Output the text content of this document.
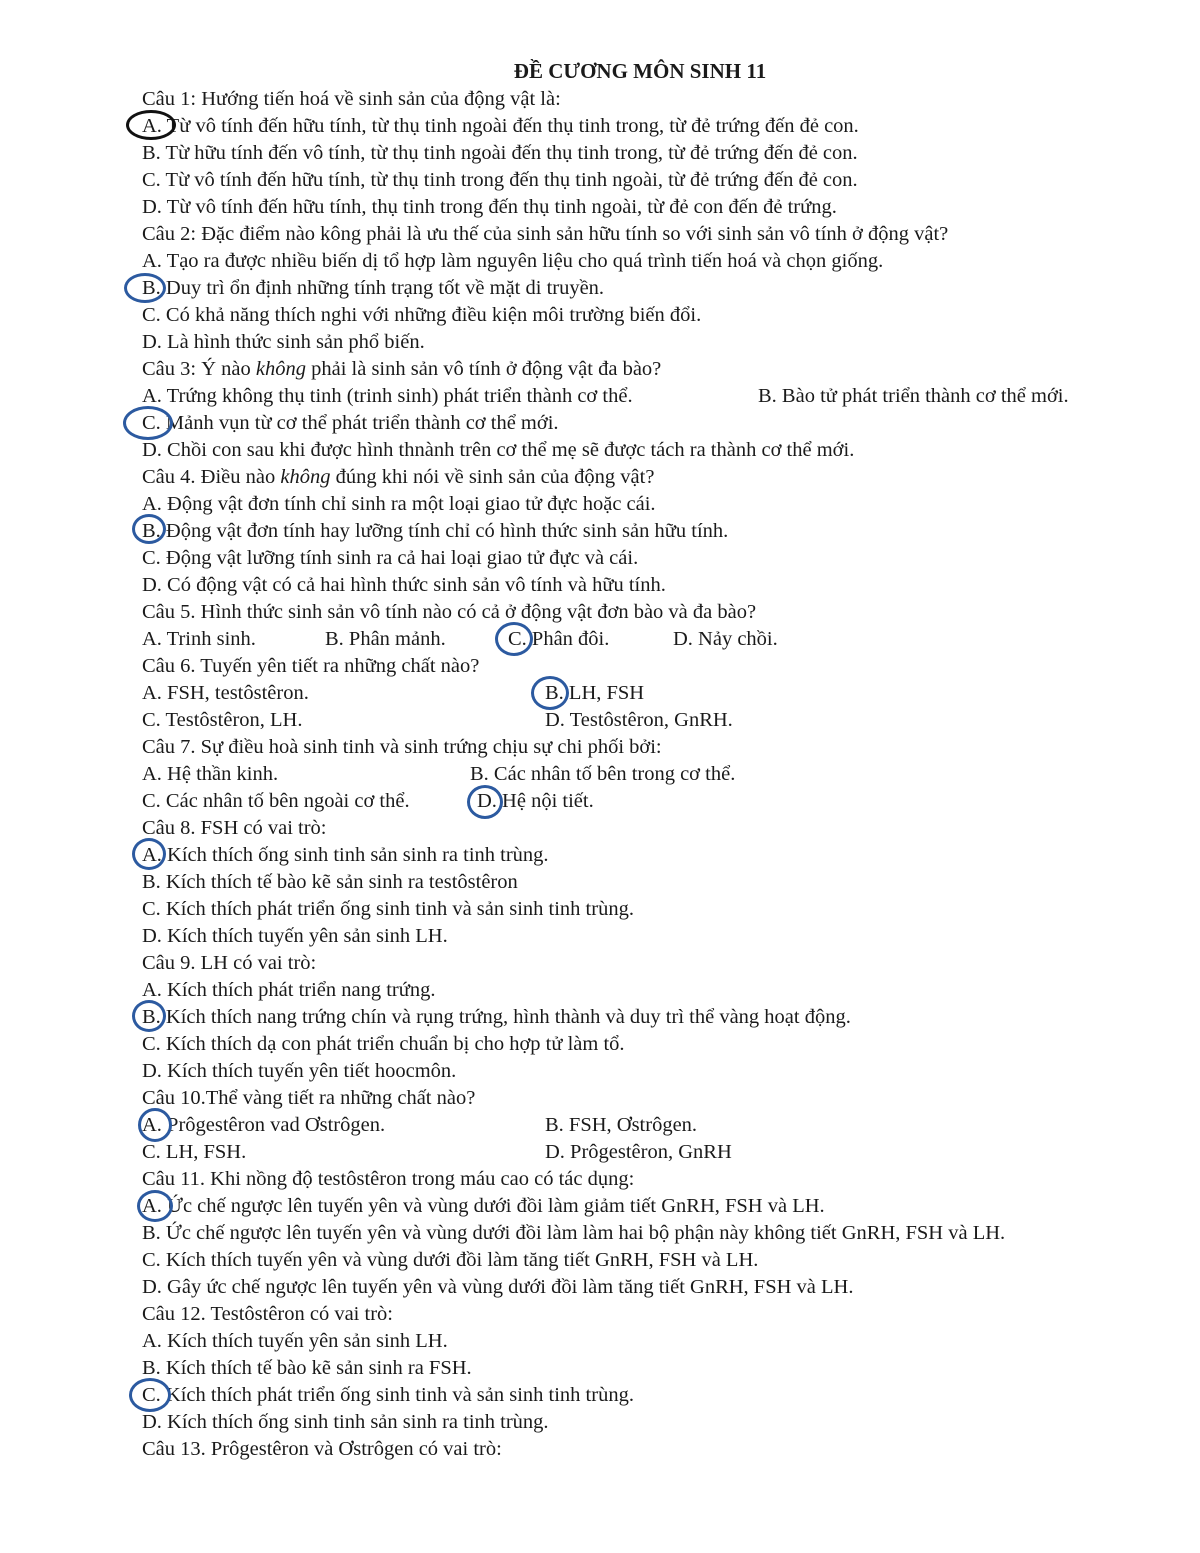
ĐỀ CƯƠNG MÔN SINH 11
Câu 1: Hướng tiến hoá về sinh sản của động vật là:
A. Từ vô tính đến hữu tính, từ thụ tinh ngoài đến thụ tinh trong, từ đẻ trứng đến đẻ con.
B. Từ hữu tính đến vô tính, từ thụ tinh ngoài đến thụ tinh trong, từ đẻ trứng đến đẻ con.
C. Từ vô tính đến hữu tính, từ thụ tinh trong đến thụ tinh ngoài, từ đẻ trứng đến đẻ con.
D. Từ vô tính đến hữu tính, thụ tinh trong đến thụ tinh ngoài, từ đẻ con đến đẻ trứng.
Câu 2: Đặc điểm nào kông phải là ưu thế của sinh sản hữu tính so với sinh sản vô tính ở động vật?
A. Tạo ra được nhiều biến dị tổ hợp làm nguyên liệu cho quá trình tiến hoá và chọn giống.
B. Duy trì ổn định những tính trạng tốt về mặt di truyền.
C. Có khả năng thích nghi với những điều kiện môi trường biến đổi.
D. Là hình thức sinh sản phổ biến.
Câu 3: Ý nào không phải là sinh sản vô tính ở động vật đa bào?
A. Trứng không thụ tinh (trinh sinh) phát triển thành cơ thể.	B. Bào tử phát triển thành cơ thể mới.
C. Mảnh vụn từ cơ thể phát triển thành cơ thể mới.
D. Chồi con sau khi được hình thnành trên cơ thể mẹ sẽ được tách ra thành cơ thể mới.
Câu 4. Điều nào không đúng khi nói về sinh sản của động vật?
A. Động vật đơn tính chỉ sinh ra một loại giao tử đực hoặc cái.
B. Động vật đơn tính hay lưỡng tính chỉ có hình thức sinh sản hữu tính.
C. Động vật lưỡng tính sinh ra cả hai loại giao tử đực và cái.
D. Có động vật có cả hai hình thức sinh sản vô tính và hữu tính.
Câu 5. Hình thức sinh sản vô tính nào có cả ở động vật đơn bào và đa bào?
A. Trinh sinh.	B. Phân mảnh.	C. Phân đôi.	D. Nảy chồi.
Câu 6. Tuyến yên tiết ra những chất nào?
A. FSH, testôstêron.	B. LH, FSH
C. Testôstêron, LH.	D. Testôstêron, GnRH.
Câu 7. Sự điều hoà sinh tinh và sinh trứng chịu sự chi phối bởi:
A. Hệ thần kinh.	B. Các nhân tố bên trong cơ thể.
C. Các nhân tố bên ngoài cơ thể.	D. Hệ nội tiết.
Câu 8. FSH có vai trò:
A. Kích thích ống sinh tinh sản sinh ra tinh trùng.
B. Kích thích tế bào kẽ sản sinh ra testôstêron
C. Kích thích phát triển ống sinh tinh và sản sinh tinh trùng.
D. Kích thích tuyến yên sản sinh LH.
Câu 9. LH có vai trò:
A. Kích thích phát triển nang trứng.
B. Kích thích nang trứng chín và rụng trứng, hình thành và duy trì thể vàng hoạt động.
C. Kích thích dạ con phát triển chuẩn bị cho hợp tử làm tổ.
D. Kích thích tuyến yên tiết hoocmôn.
Câu 10.Thể vàng tiết ra những chất nào?
A. Prôgestêron vad Ơstrôgen.	B. FSH, Ơstrôgen.
C. LH, FSH.	D. Prôgestêron, GnRH
Câu 11. Khi nồng độ testôstêron trong máu cao có tác dụng:
A. Ức chế ngược lên tuyến yên và vùng dưới đồi làm giảm tiết GnRH, FSH và LH.
B. Ức chế ngược lên tuyến yên và vùng dưới đồi làm làm hai bộ phận này không tiết GnRH, FSH và LH.
C. Kích thích tuyến yên và vùng dưới đồi làm tăng tiết GnRH, FSH và LH.
D. Gây ức chế ngược lên tuyến yên và vùng dưới đồi làm tăng tiết GnRH, FSH và LH.
Câu 12. Testôstêron có vai trò:
A. Kích thích tuyến yên sản sinh LH.
B. Kích thích tế bào kẽ sản sinh ra FSH.
C. Kích thích phát triển ống sinh tinh và sản sinh tinh trùng.
D. Kích thích ống sinh tinh sản sinh ra tinh trùng.
Câu 13. Prôgestêron và Ơstrôgen có vai trò:
